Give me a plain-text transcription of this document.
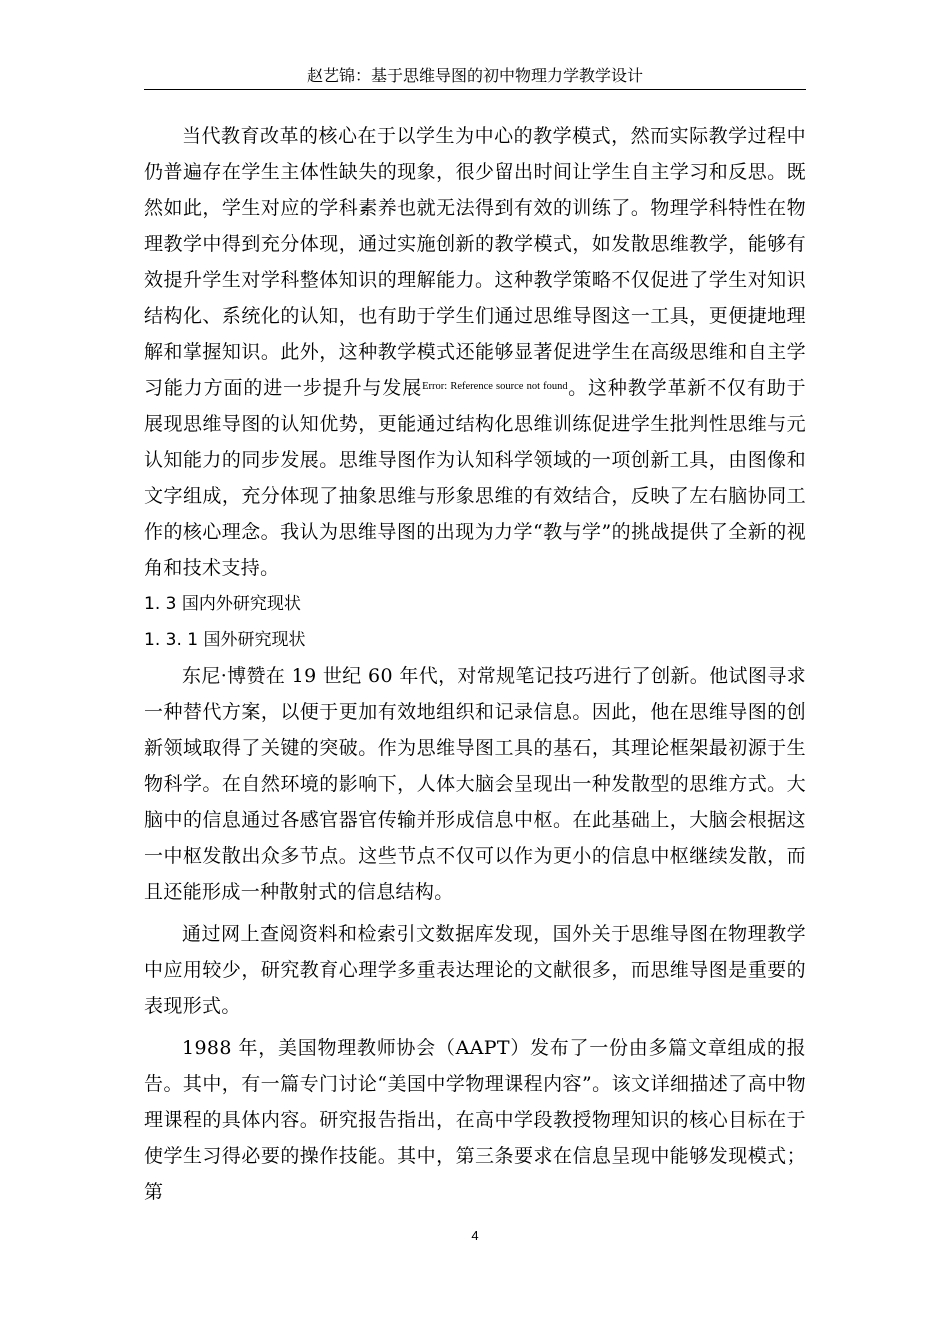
赵艺锦：基于思维导图的初中物理力学教学设计

当代教育改革的核心在于以学生为中心的教学模式，然而实际教学过程中仍普遍存在学生主体性缺失的现象，很少留出时间让学生自主学习和反思。既然如此，学生对应的学科素养也就无法得到有效的训练了。物理学科特性在物理教学中得到充分体现，通过实施创新的教学模式，如发散思维教学，能够有效提升学生对学科整体知识的理解能力。这种教学策略不仅促进了学生对知识结构化、系统化的认知，也有助于学生们通过思维导图这一工具，更便捷地理解和掌握知识。此外，这种教学模式还能够显著促进学生在高级思维和自主学习能力方面的进一步提升与发展$^{Error: Reference source not found}$。这种教学革新不仅有助于展现思维导图的认知优势，更能通过结构化思维训练促进学生批判性思维与元认知能力的同步发展。思维导图作为认知科学领域的一项创新工具，由图像和文字组成，充分体现了抽象思维与形象思维的有效结合，反映了左右脑协同工作的核心理念。我认为思维导图的出现为力学“教与学”的挑战提供了全新的视角和技术支持。

1. 3 国内外研究现状
1. 3. 1 国外研究现状

东尼·博赞在 19 世纪 60 年代，对常规笔记技巧进行了创新。他试图寻求一种替代方案，以便于更加有效地组织和记录信息。因此，他在思维导图的创新领域取得了关键的突破。作为思维导图工具的基石，其理论框架最初源于生物科学。在自然环境的影响下，人体大脑会呈现出一种发散型的思维方式。大脑中的信息通过各感官器官传输并形成信息中枢。在此基础上，大脑会根据这一中枢发散出众多节点。这些节点不仅可以作为更小的信息中枢继续发散，而且还能形成一种散射式的信息结构。

通过网上查阅资料和检索引文数据库发现，国外关于思维导图在物理教学中应用较少，研究教育心理学多重表达理论的文献很多，而思维导图是重要的表现形式。

1988 年，美国物理教师协会（AAPT）发布了一份由多篇文章组成的报告。其中，有一篇专门讨论“美国中学物理课程内容”。该文详细描述了高中物理课程的具体内容。研究报告指出，在高中学段教授物理知识的核心目标在于使学生习得必要的操作技能。其中，第三条要求在信息呈现中能够发现模式；第

4
